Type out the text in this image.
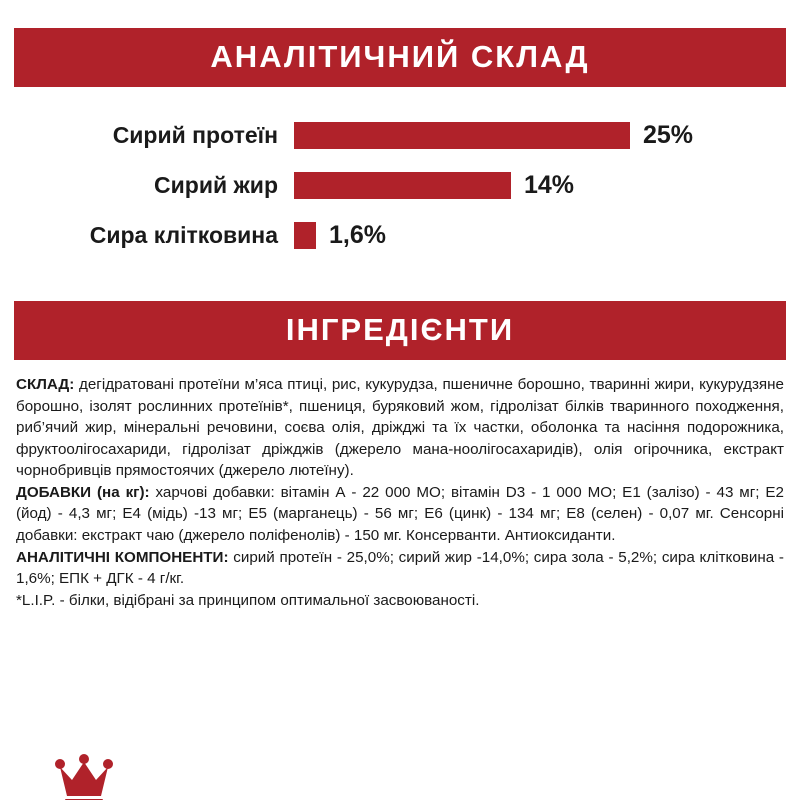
АНАЛІТИЧНИЙ СКЛАД
Сирий протеїн	25%
Сирий жир	14%
Сира клітковина	1,6%
ІНГРЕДІЄНТИ

СКЛАД: дегідратовані протеїни м’яса птиці, рис, кукурудза, пшеничне борошно, тваринні жири, кукурудзяне борошно, ізолят рослинних протеїнів*, пшениця, буряковий жом, гідролізат білків тваринного походження, риб’ячий жир, мінеральні речовини, соєва олія, дріжджі та їх частки, оболонка та насіння подорожника, фруктоолігосахариди, гідролізат дріжджів (джерело мана-ноолігосахаридів), олія огірочника, екстракт чорнобривців прямостоячих (джерело лютеїну).

ДОБАВКИ (на кг): харчові добавки: вітамін А - 22 000 МО; вітамін D3 - 1 000 МО; Е1 (залізо) - 43 мг; Е2 (йод) - 4,3 мг; Е4 (мідь) -13 мг; Е5 (марганець) - 56 мг; Е6 (цинк) - 134 мг; Е8 (селен) - 0,07 мг. Сенсорні добавки: екстракт чаю (джерело поліфенолів) - 150 мг. Консерванти. Антиоксиданти.

АНАЛІТИЧНІ КОМПОНЕНТИ: сирий протеїн - 25,0%; сирий жир -14,0%; сира зола - 5,2%; сира клітковина - 1,6%; ЕПК + ДГК - 4 г/кг.

*L.I.P. - білки, відібрані за принципом оптимальної засвоюваності.
